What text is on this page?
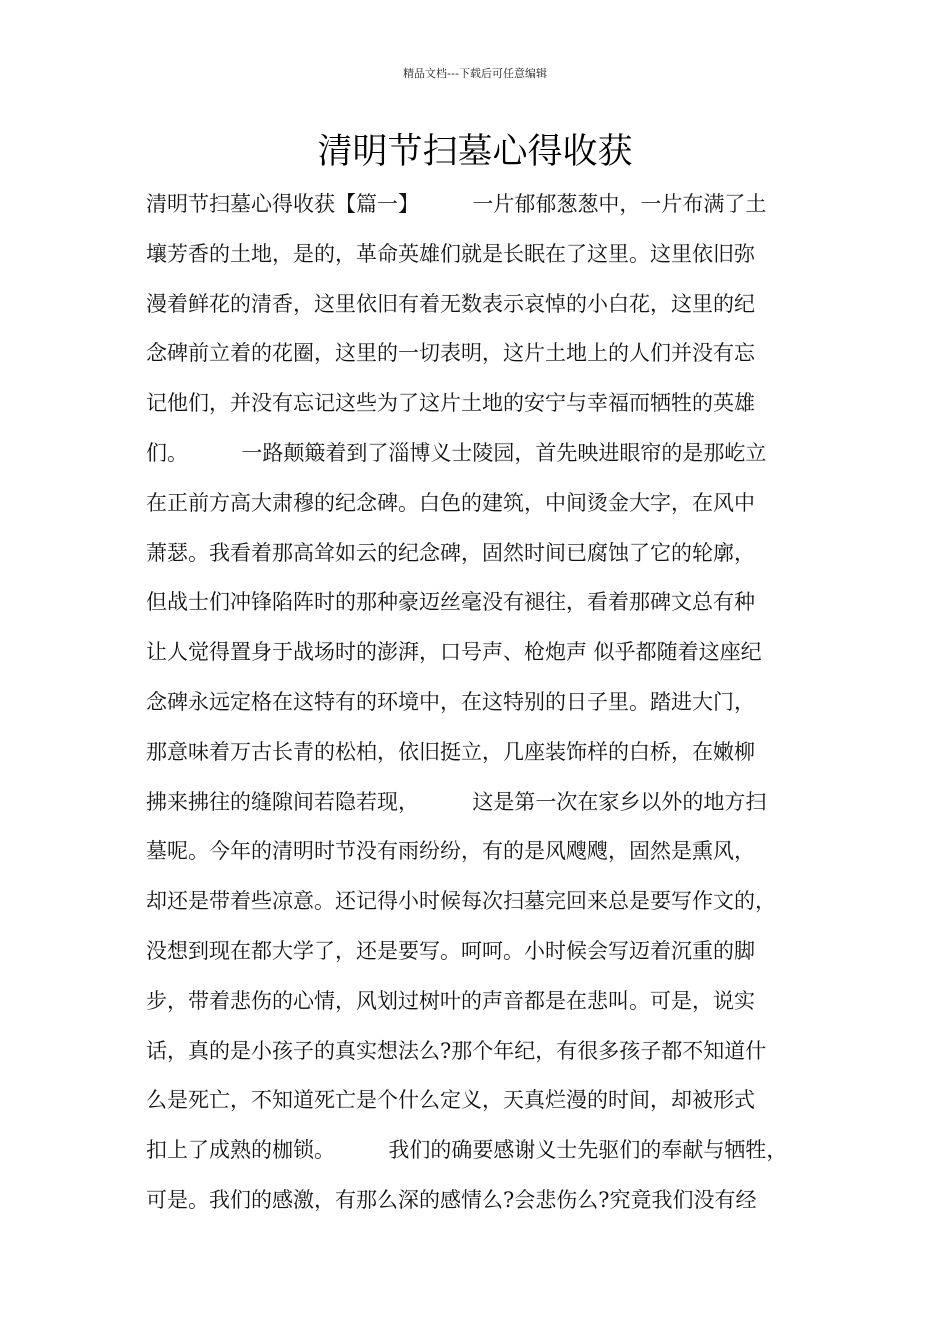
精品文档---下载后可任意编辑
清明节扫墓心得收获
清明节扫墓心得收获【篇一】        一片郁郁葱葱中，一片布满了土
壤芳香的土地，是的，革命英雄们就是长眠在了这里。这里依旧弥
漫着鲜花的清香，这里依旧有着无数表示哀悼的小白花，这里的纪
念碑前立着的花圈，这里的一切表明，这片土地上的人们并没有忘
记他们，并没有忘记这些为了这片土地的安宁与幸福而牺牲的英雄
们。        一路颠簸着到了淄博义士陵园，首先映进眼帘的是那屹立
在正前方高大肃穆的纪念碑。白色的建筑，中间烫金大字，在风中
萧瑟。我看着那高耸如云的纪念碑，固然时间已腐蚀了它的轮廓，
但战士们冲锋陷阵时的那种豪迈丝毫没有褪往，看着那碑文总有种
让人觉得置身于战场时的澎湃，口号声、枪炮声 似乎都随着这座纪
念碑永远定格在这特有的环境中，在这特别的日子里。踏进大门，
那意味着万古长青的松柏，依旧挺立，几座装饰样的白桥，在嫩柳
拂来拂往的缝隙间若隐若现，        这是第一次在家乡以外的地方扫
墓呢。今年的清明时节没有雨纷纷，有的是风飕飕，固然是熏风，
却还是带着些凉意。还记得小时候每次扫墓完回来总是要写作文的，
没想到现在都大学了，还是要写。呵呵。小时候会写迈着沉重的脚
步，带着悲伤的心情，风划过树叶的声音都是在悲叫。可是，说实
话，真的是小孩子的真实想法么?那个年纪，有很多孩子都不知道什
么是死亡，不知道死亡是个什么定义，天真烂漫的时间，却被形式
扣上了成熟的枷锁。        我们的确要感谢义士先驱们的奉献与牺牲，
可是。我们的感激，有那么深的感情么?会悲伤么?究竟我们没有经
